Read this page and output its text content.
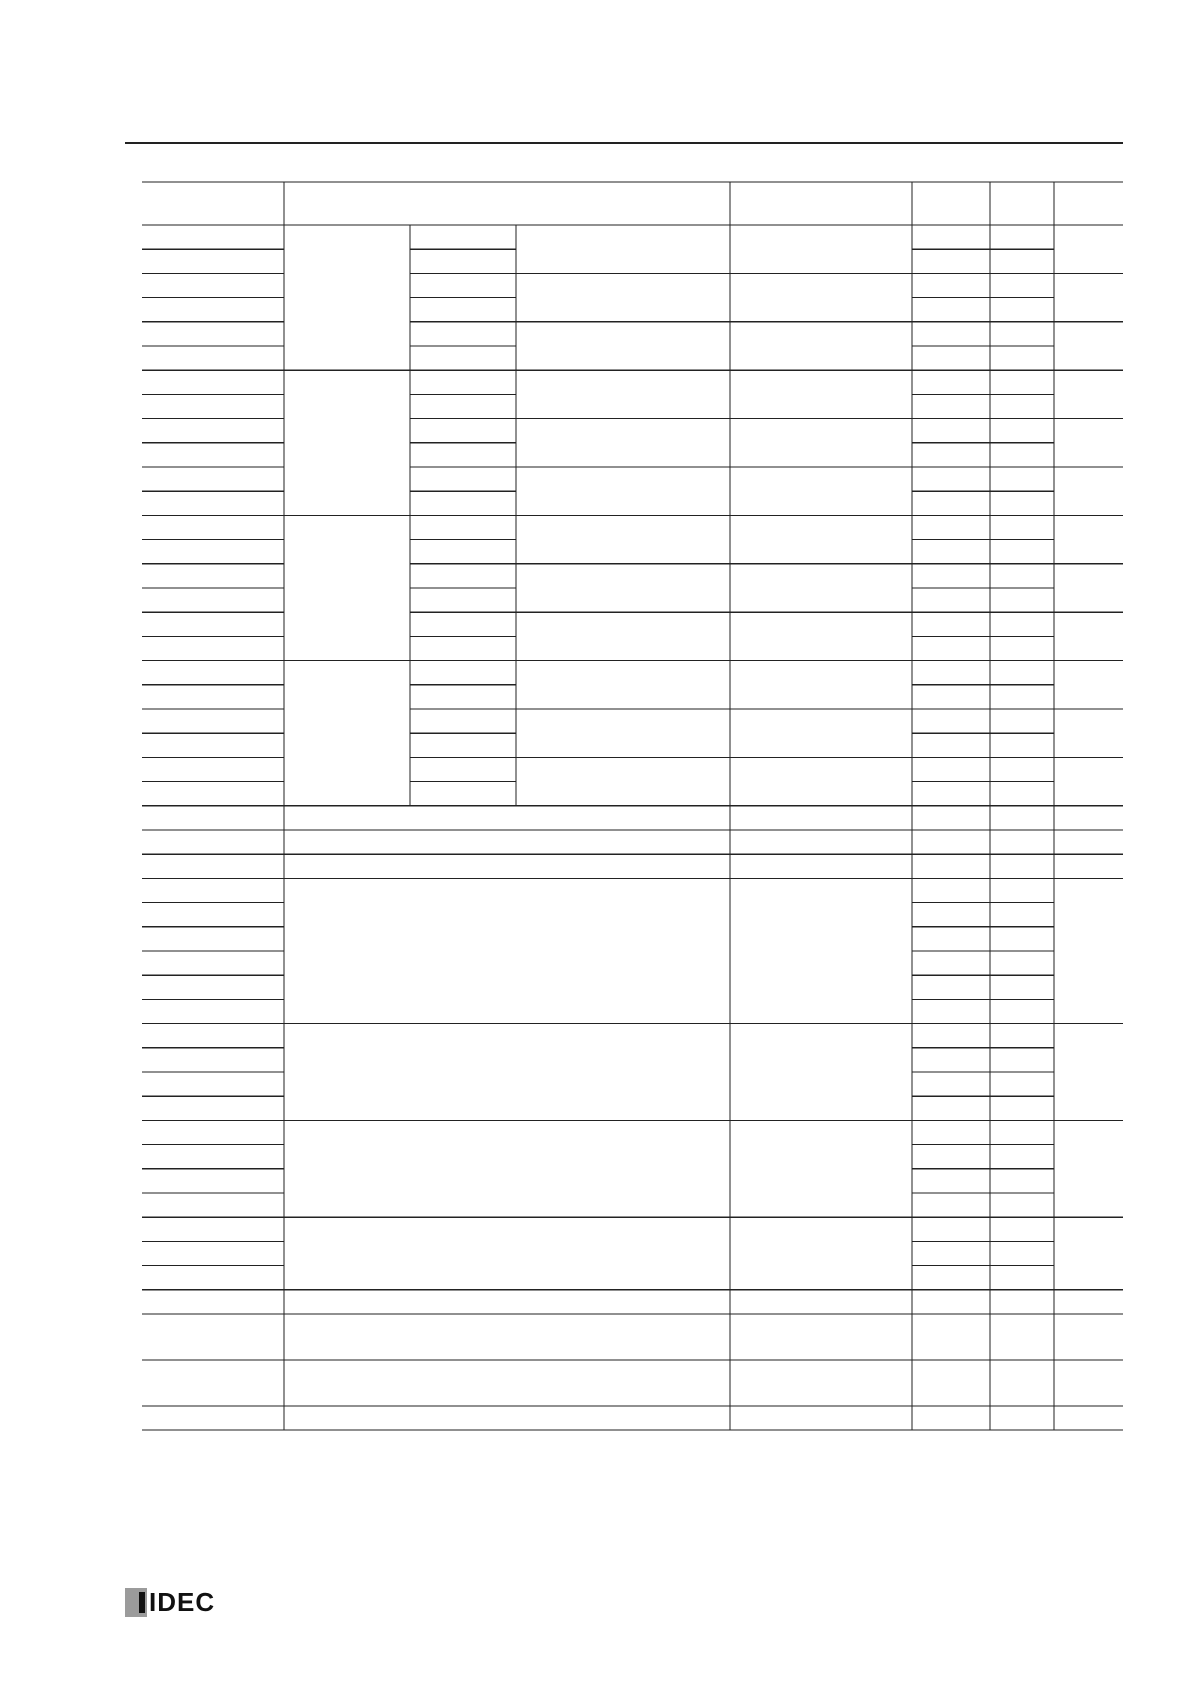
IDEC
